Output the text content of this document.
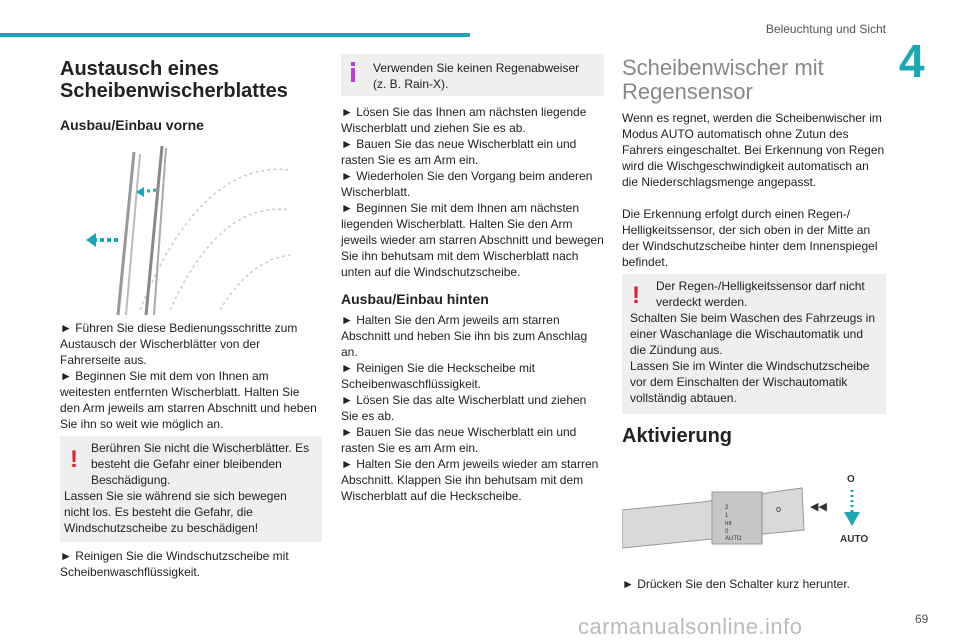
Beleuchtung und Sicht
4
Austausch eines Scheibenwischerblattes
Ausbau/Einbau vorne

► Führen Sie diese Bedienungsschritte zum Austausch der Wischerblätter von der Fahrerseite aus.

► Beginnen Sie mit dem von Ihnen am weitesten entfernten Wischerblatt. Halten Sie den Arm jeweils am starren Abschnitt und heben Sie ihn so weit wie möglich an.

! Berühren Sie nicht die Wischerblätter. Es besteht die Gefahr einer bleibenden Beschädigung.

Lassen Sie sie während sie sich bewegen nicht los. Es besteht die Gefahr, die Windschutzscheibe zu beschädigen!

► Reinigen Sie die Windschutzscheibe mit Scheibenwaschflüssigkeit.

Verwenden Sie keinen Regenabweiser (z. B. Rain-X).

► Lösen Sie das Ihnen am nächsten liegende Wischerblatt und ziehen Sie es ab.

► Bauen Sie das neue Wischerblatt ein und rasten Sie es am Arm ein.

► Wiederholen Sie den Vorgang beim anderen Wischerblatt.

► Beginnen Sie mit dem Ihnen am nächsten liegenden Wischerblatt. Halten Sie den Arm jeweils wieder am starren Abschnitt und bewegen Sie ihn behutsam mit dem Wischerblatt nach unten auf die Windschutzscheibe.

Ausbau/Einbau hinten

► Halten Sie den Arm jeweils am starren Abschnitt und heben Sie ihn bis zum Anschlag an.

► Reinigen Sie die Heckscheibe mit Scheibenwaschflüssigkeit.

► Lösen Sie das alte Wischerblatt und ziehen Sie es ab.

► Bauen Sie das neue Wischerblatt ein und rasten Sie es am Arm ein.

► Halten Sie den Arm jeweils wieder am starren Abschnitt. Klappen Sie ihn behutsam mit dem Wischerblatt auf die Heckscheibe.

Scheibenwischer mit Regensensor

Wenn es regnet, werden die Scheibenwischer im Modus AUTO automatisch ohne Zutun des Fahrers eingeschaltet. Bei Erkennung von Regen wird die Wischgeschwindigkeit automatisch an die Niederschlagsmenge angepasst.

Die Erkennung erfolgt durch einen Regen-/ Helligkeitssensor, der sich oben in der Mitte an der Windschutzscheibe hinter dem Innenspiegel befindet.

! Der Regen-/Helligkeitssensor darf nicht verdeckt werden.

Schalten Sie beim Waschen des Fahrzeugs in einer Waschanlage die Wischautomatik und die Zündung aus.

Lassen Sie im Winter die Windschutzscheibe vor dem Einschalten der Wischautomatik vollständig abtauen.

Aktivierung
2
1
Int
0
AUTO
o	◀◀
O
AUTO

► Drücken Sie den Schalter kurz herunter.

carmanualsonline.info	69
